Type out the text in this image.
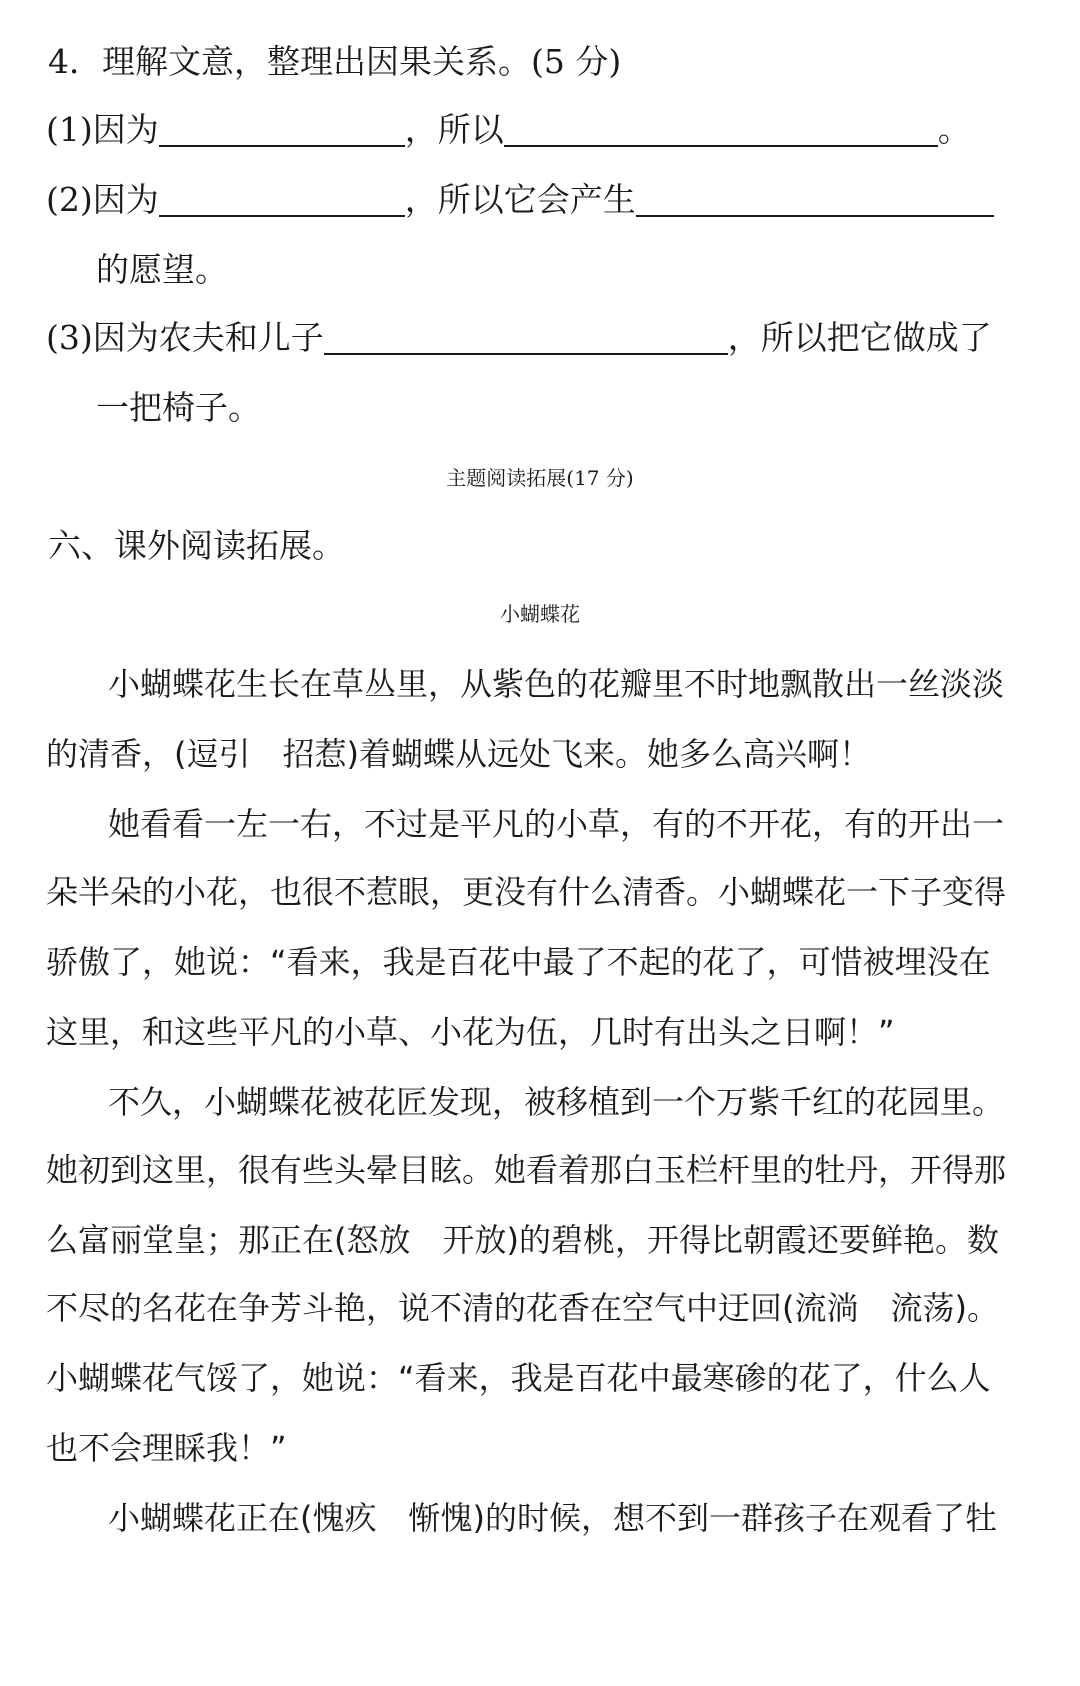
4．理解文意，整理出因果关系。(5 分)
(1)因为	，所以	。
(2)因为	，所以它会产生
的愿望。
(3)因为农夫和儿子	，所以把它做成了
一把椅子。
主题阅读拓展(17 分)
六、课外阅读拓展。
小蝴蝶花
小蝴蝶花生长在草丛里，从紫色的花瓣里不时地飘散出一丝淡淡
的清香，(逗引　招惹)着蝴蝶从远处飞来。她多么高兴啊！
她看看一左一右，不过是平凡的小草，有的不开花，有的开出一
朵半朵的小花，也很不惹眼，更没有什么清香。小蝴蝶花一下子变得
骄傲了，她说：“看来，我是百花中最了不起的花了，可惜被埋没在
这里，和这些平凡的小草、小花为伍，几时有出头之日啊！”
不久，小蝴蝶花被花匠发现，被移植到一个万紫千红的花园里。
她初到这里，很有些头晕目眩。她看着那白玉栏杆里的牡丹，开得那
么富丽堂皇；那正在(怒放　开放)的碧桃，开得比朝霞还要鲜艳。数
不尽的名花在争芳斗艳，说不清的花香在空气中迂回(流淌　流荡)。
小蝴蝶花气馁了，她说：“看来，我是百花中最寒碜的花了，什么人
也不会理睬我！”
小蝴蝶花正在(愧疚　惭愧)的时候，想不到一群孩子在观看了牡
